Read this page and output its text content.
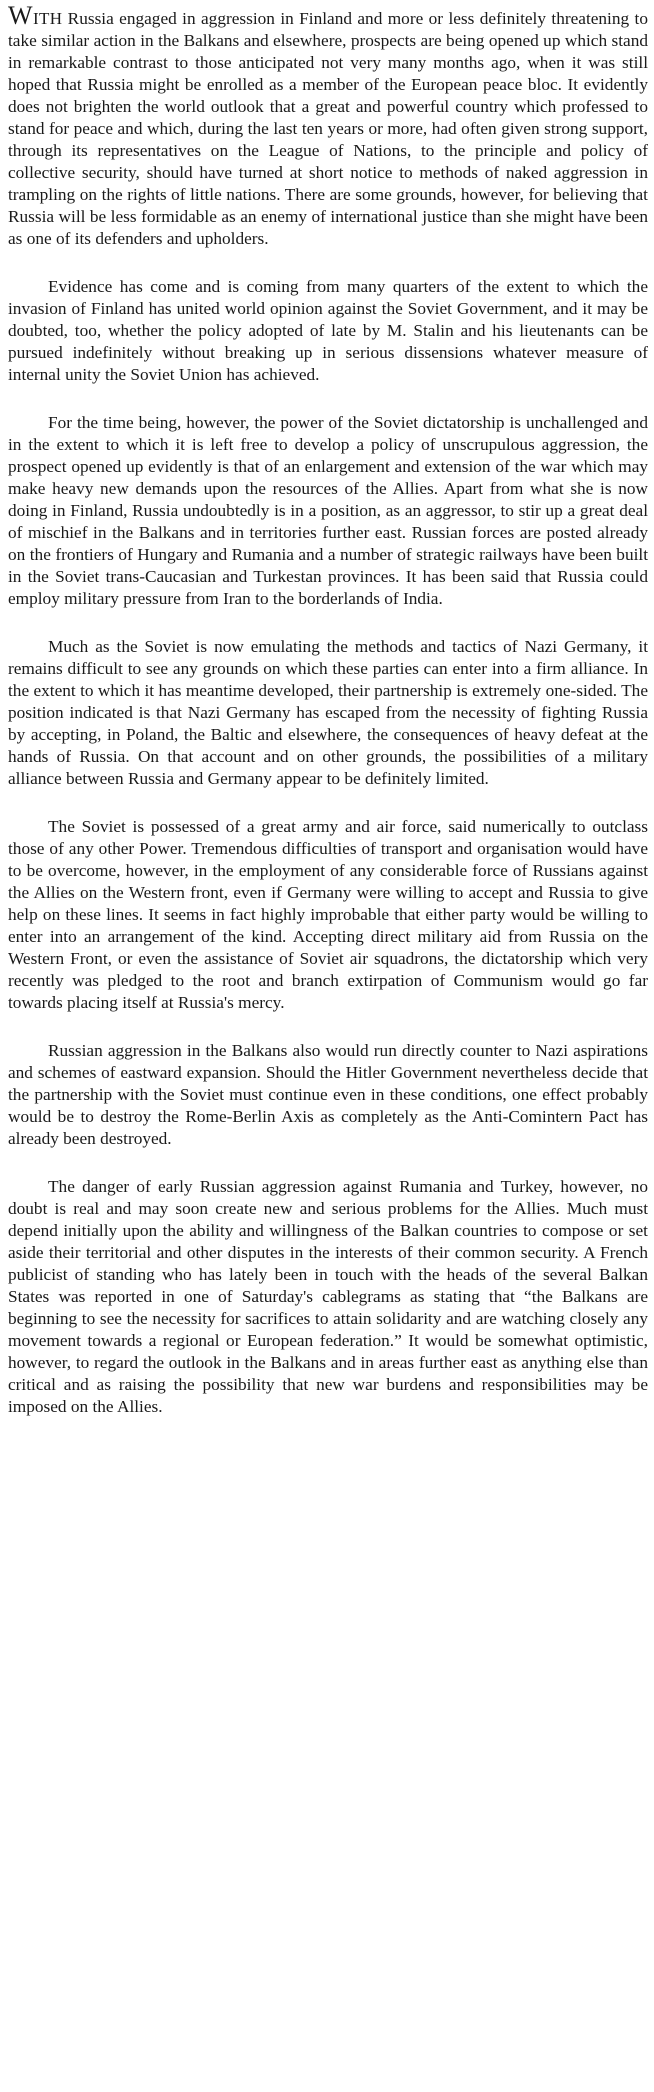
WITH Russia engaged in aggression in Finland and more or less definitely threatening to take similar action in the Balkans and elsewhere, prospects are being opened up which stand in remarkable contrast to those anticipated not very many months ago, when it was still hoped that Russia might be enrolled as a member of the European peace bloc. It evidently does not brighten the world outlook that a great and powerful country which professed to stand for peace and which, during the last ten years or more, had often given strong support, through its representatives on the League of Nations, to the principle and policy of collective security, should have turned at short notice to methods of naked aggression in trampling on the rights of little nations. There are some grounds, however, for believing that Russia will be less formidable as an enemy of international justice than she might have been as one of its defenders and upholders.

Evidence has come and is coming from many quarters of the extent to which the invasion of Finland has united world opinion against the Soviet Government, and it may be doubted, too, whether the policy adopted of late by M. Stalin and his lieutenants can be pursued indefinitely without breaking up in serious dissensions whatever measure of internal unity the Soviet Union has achieved.

For the time being, however, the power of the Soviet dictatorship is unchallenged and in the extent to which it is left free to develop a policy of unscrupulous aggression, the prospect opened up evidently is that of an enlargement and extension of the war which may make heavy new demands upon the resources of the Allies. Apart from what she is now doing in Finland, Russia undoubtedly is in a position, as an aggressor, to stir up a great deal of mischief in the Balkans and in territories further east. Russian forces are posted already on the frontiers of Hungary and Rumania and a number of strategic railways have been built in the Soviet trans-Caucasian and Turkestan provinces. It has been said that Russia could employ military pressure from Iran to the borderlands of India.

Much as the Soviet is now emulating the methods and tactics of Nazi Germany, it remains difficult to see any grounds on which these parties can enter into a firm alliance. In the extent to which it has meantime developed, their partnership is extremely one-sided. The position indicated is that Nazi Germany has escaped from the necessity of fighting Russia by accepting, in Poland, the Baltic and elsewhere, the consequences of heavy defeat at the hands of Russia. On that account and on other grounds, the possibilities of a military alliance between Russia and Germany appear to be definitely limited.

The Soviet is possessed of a great army and air force, said numerically to outclass those of any other Power. Tremendous difficulties of transport and organisation would have to be overcome, however, in the employment of any considerable force of Russians against the Allies on the Western front, even if Germany were willing to accept and Russia to give help on these lines. It seems in fact highly improbable that either party would be willing to enter into an arrangement of the kind. Accepting direct military aid from Russia on the Western Front, or even the assistance of Soviet air squadrons, the dictatorship which very recently was pledged to the root and branch extirpation of Communism would go far towards placing itself at Russia's mercy.

Russian aggression in the Balkans also would run directly counter to Nazi aspirations and schemes of eastward expansion. Should the Hitler Government nevertheless decide that the partnership with the Soviet must continue even in these conditions, one effect probably would be to destroy the Rome-Berlin Axis as completely as the Anti-Comintern Pact has already been destroyed.

The danger of early Russian aggression against Rumania and Turkey, however, no doubt is real and may soon create new and serious problems for the Allies. Much must depend initially upon the ability and willingness of the Balkan countries to compose or set aside their territorial and other disputes in the interests of their common security. A French publicist of standing who has lately been in touch with the heads of the several Balkan States was reported in one of Saturday's cablegrams as stating that “the Balkans are beginning to see the necessity for sacrifices to attain solidarity and are watching closely any movement towards a regional or European federation.” It would be somewhat optimistic, however, to regard the outlook in the Balkans and in areas further east as anything else than critical and as raising the possibility that new war burdens and responsibilities may be imposed on the Allies.
